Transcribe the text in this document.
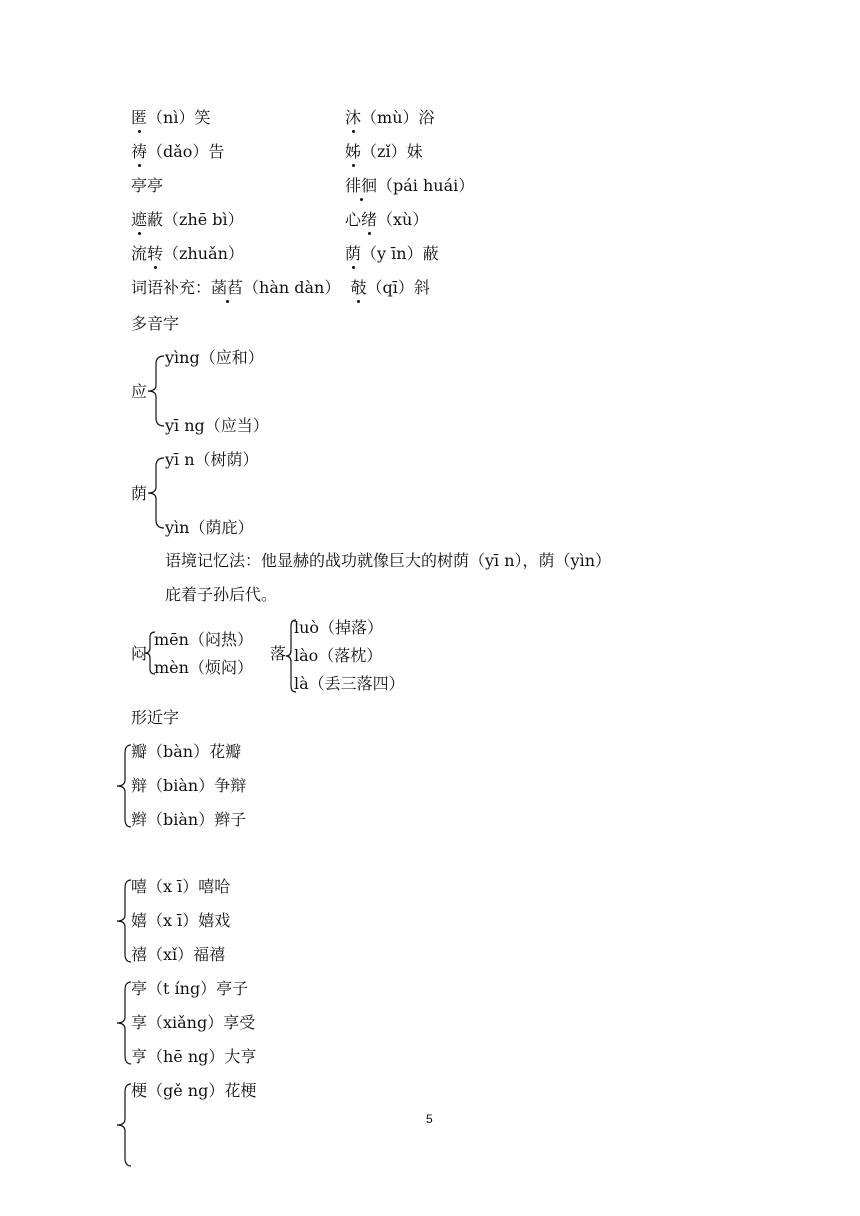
匿（nì）笑	沐（mù）浴
祷（dǎo）告	姊（zǐ）妹
亭亭	徘徊（pái huái）
遮蔽（zhē bì）	心绪（xù）
流转（zhuǎn）	荫（y īn）蔽
词语补充：菡萏（hàn dàn） 攲（qī）斜
多音字
应
yìng（应和）
yī ng（应当）
荫
yī n（树荫）
yìn（荫庇）
语境记忆法：他显赫的战功就像巨大的树荫（yī n），荫（yìn）
庇着子孙后代。
闷
mēn（闷热）
mèn（烦闷）
落
luò（掉落）
lào（落枕）
là（丢三落四）
形近字
瓣（bàn）花瓣
辩（biàn）争辩
辫（biàn）辫子
嘻（x ī）嘻哈
嬉（x ī）嬉戏
禧（xǐ）福禧
亭（t íng）亭子
享（xiǎng）享受
亨（hē ng）大亨
梗（gě ng）花梗
5
